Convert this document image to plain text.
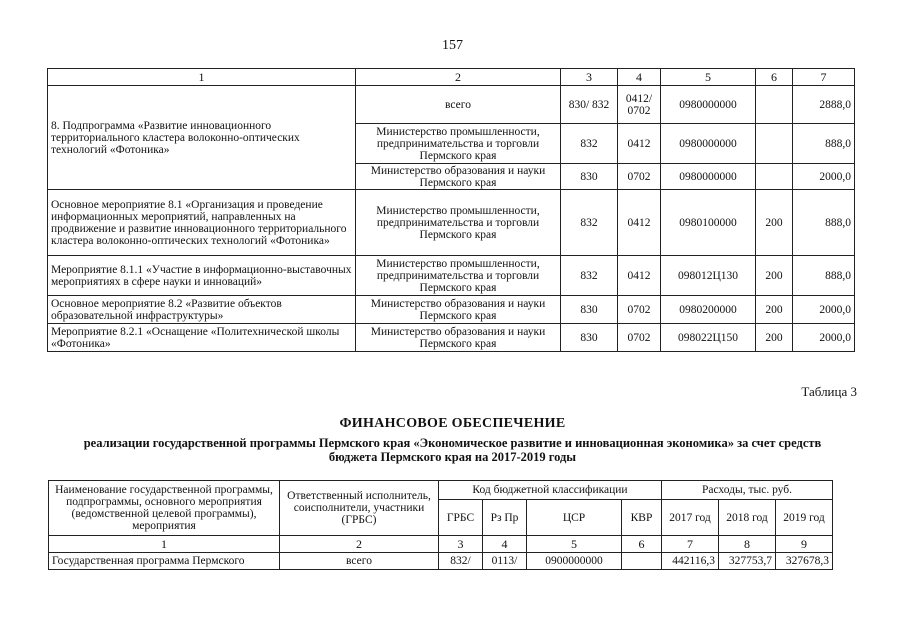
157
1	2	3	4	5	6	7
8. Подпрограмма «Развитие инновационного территориального кластера волоконно-оптических технологий «Фотоника»	всего	830/ 832	0412/ 0702	0980000000		2888,0
	Министерство промышленности, предпринимательства и торговли Пермского края	832	0412	0980000000		888,0
	Министерство образования и науки Пермского края	830	0702	0980000000		2000,0
Основное мероприятие 8.1 «Организация и проведение информационных мероприятий, направленных на продвижение и развитие инновационного территориального кластера волоконно-оптических технологий «Фотоника»	Министерство промышленности, предпринимательства и торговли Пермского края	832	0412	0980100000	200	888,0
Мероприятие 8.1.1 «Участие в информационно-выставочных мероприятиях в сфере науки и инноваций»	Министерство промышленности, предпринимательства и торговли Пермского края	832	0412	098012Ц130	200	888,0
Основное мероприятие 8.2 «Развитие объектов образовательной инфраструктуры»	Министерство образования и науки Пермского края	830	0702	0980200000	200	2000,0
Мероприятие 8.2.1 «Оснащение «Политехнической школы «Фотоника»	Министерство образования и науки Пермского края	830	0702	098022Ц150	200	2000,0
Таблица 3
ФИНАНСОВОЕ ОБЕСПЕЧЕНИЕ
реализации государственной программы Пермского края «Экономическое развитие и инновационная экономика» за счет средств бюджета Пермского края на 2017-2019 годы
Наименование государственной программы, подпрограммы, основного мероприятия (ведомственной целевой программы), мероприятия	Ответственный исполнитель, соисполнители, участники (ГРБС)	Код бюджетной классификации				Расходы, тыс. руб.		
		ГРБС	Рз Пр	ЦСР	КВР	2017 год	2018 год	2019 год
1	2	3	4	5	6	7	8	9
Государственная программа Пермского	всего	832/	0113/	0900000000		442116,3	327753,7	327678,3
